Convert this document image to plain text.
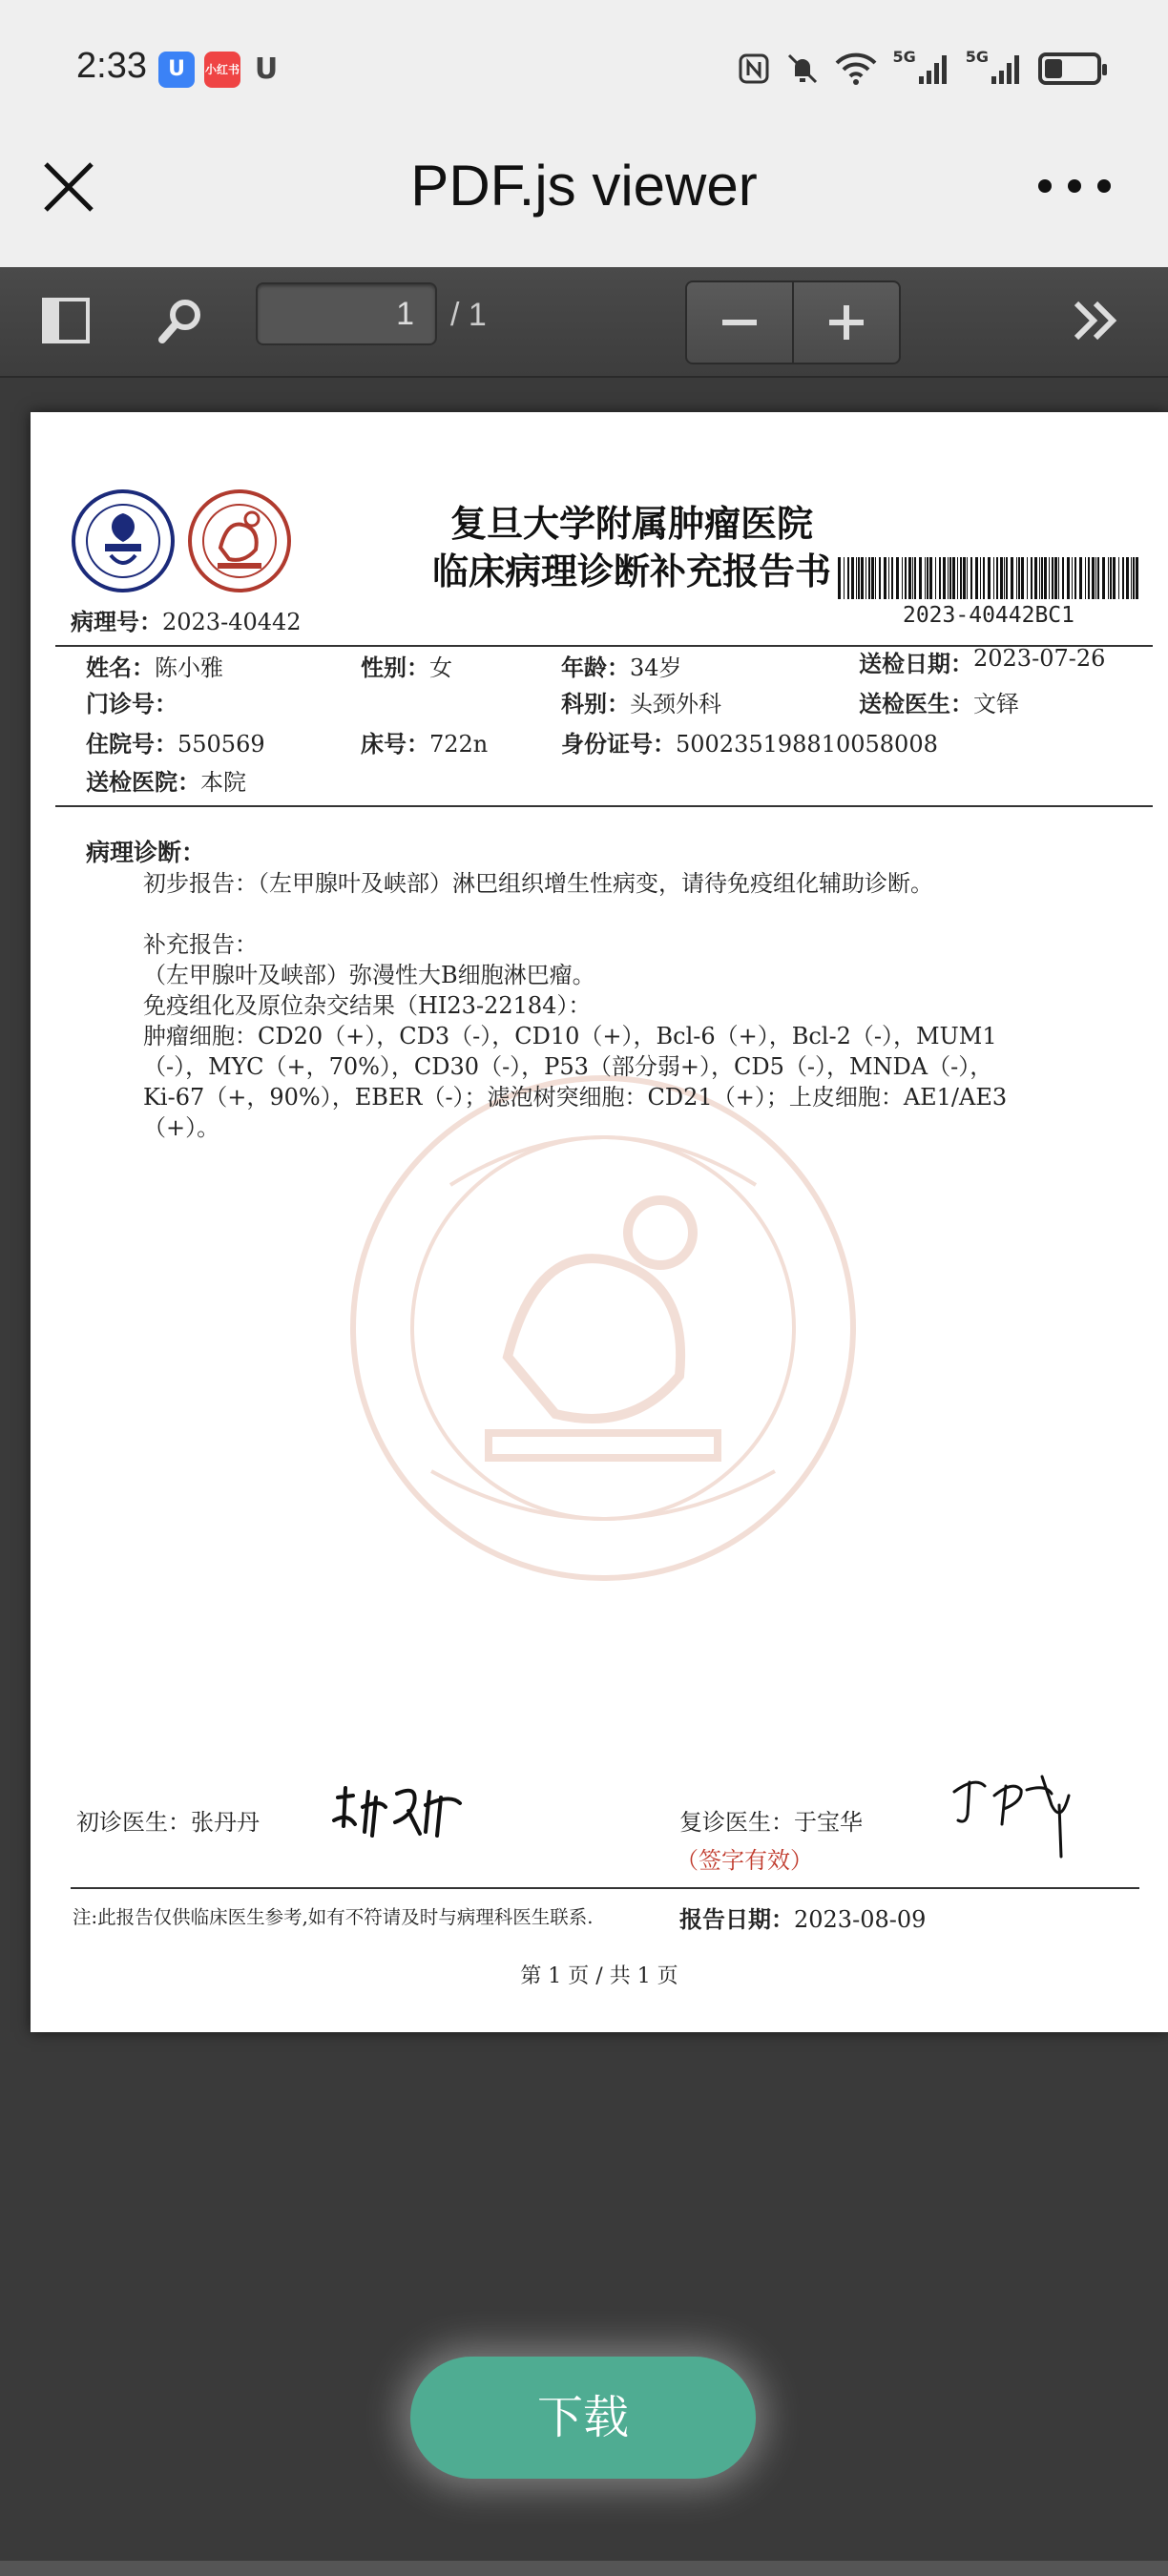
2:33	U	小红书 U	5G	5G
PDF.js viewer
1	/ 1
复旦大学附属肿瘤医院
临床病理诊断补充报告书
2023-40442BC1
病理号：2023-40442
姓名：陈小雅	性别：女	年龄：34岁	送检日期：2023-07-26
门诊号：	科别：头颈外科	送检医生：文铎
住院号：550569	床号：722n	身份证号：500235198810058008
送检医院：本院
病理诊断：
初步报告：（左甲腺叶及峡部）淋巴组织增生性病变，请待免疫组化辅助诊断。
补充报告：
（左甲腺叶及峡部）弥漫性大B细胞淋巴瘤。
免疫组化及原位杂交结果（HI23-22184）：
肿瘤细胞：CD20（+），CD3（-），CD10（+），Bcl-6（+），Bcl-2（-），MUM1
（-），MYC（+，70%），CD30（-），P53（部分弱+），CD5（-），MNDA（-），
Ki-67（+，90%），EBER（-）；滤泡树突细胞：CD21（+）；上皮细胞：AE1/AE3
（+）。
初诊医生：张丹丹	复诊医生：于宝华
（签字有效）
注:此报告仅供临床医生参考,如有不符请及时与病理科医生联系.	报告日期：2023-08-09
第 1 页 / 共 1 页
下载
